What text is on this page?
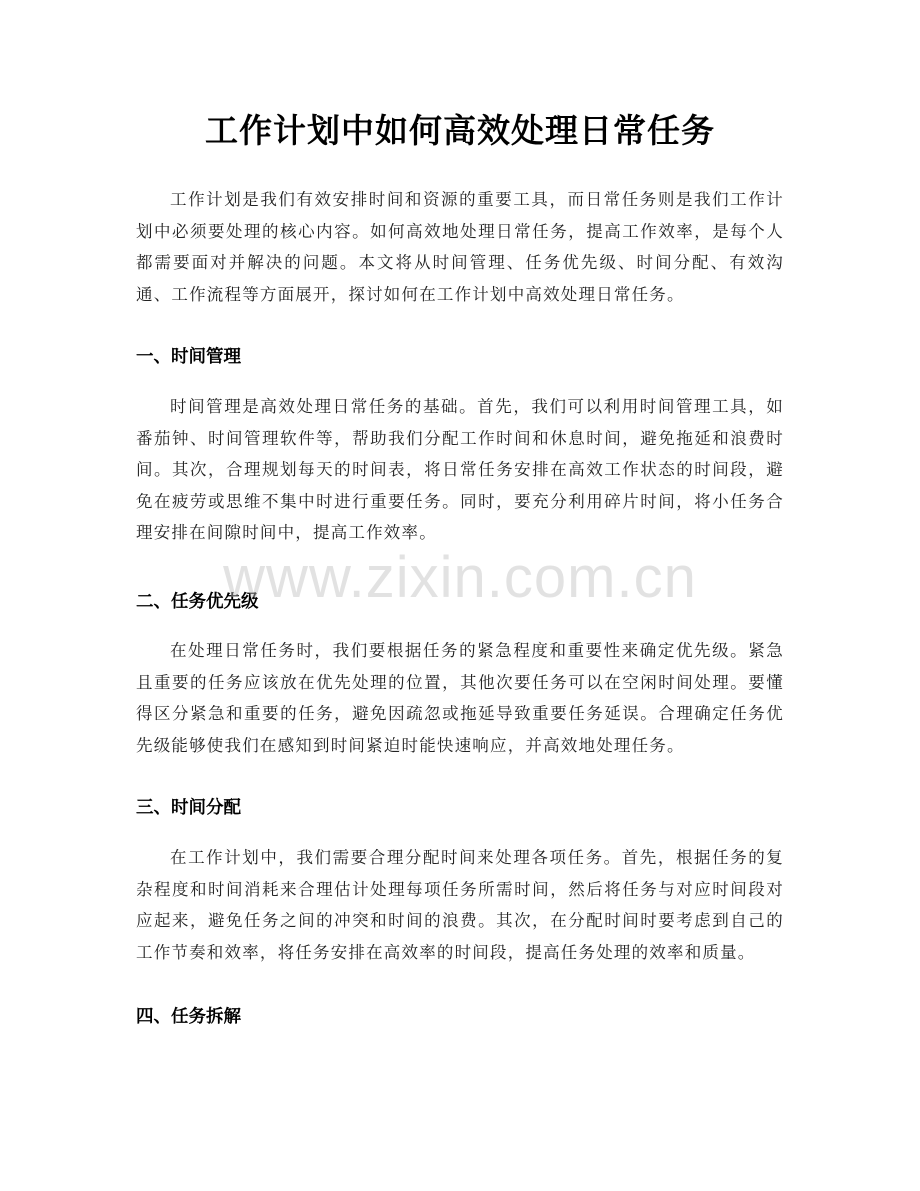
工作计划中如何高效处理日常任务

工作计划是我们有效安排时间和资源的重要工具，而日常任务则是我们工作计划中必须要处理的核心内容。如何高效地处理日常任务，提高工作效率，是每个人都需要面对并解决的问题。本文将从时间管理、任务优先级、时间分配、有效沟通、工作流程等方面展开，探讨如何在工作计划中高效处理日常任务。

一、时间管理

时间管理是高效处理日常任务的基础。首先，我们可以利用时间管理工具，如番茄钟、时间管理软件等，帮助我们分配工作时间和休息时间，避免拖延和浪费时间。其次，合理规划每天的时间表，将日常任务安排在高效工作状态的时间段，避免在疲劳或思维不集中时进行重要任务。同时，要充分利用碎片时间，将小任务合理安排在间隙时间中，提高工作效率。

二、任务优先级

在处理日常任务时，我们要根据任务的紧急程度和重要性来确定优先级。紧急且重要的任务应该放在优先处理的位置，其他次要任务可以在空闲时间处理。要懂得区分紧急和重要的任务，避免因疏忽或拖延导致重要任务延误。合理确定任务优先级能够使我们在感知到时间紧迫时能快速响应，并高效地处理任务。

三、时间分配

在工作计划中，我们需要合理分配时间来处理各项任务。首先，根据任务的复杂程度和时间消耗来合理估计处理每项任务所需时间，然后将任务与对应时间段对应起来，避免任务之间的冲突和时间的浪费。其次，在分配时间时要考虑到自己的工作节奏和效率，将任务安排在高效率的时间段，提高任务处理的效率和质量。

四、任务拆解
www.zixin.com.cn
